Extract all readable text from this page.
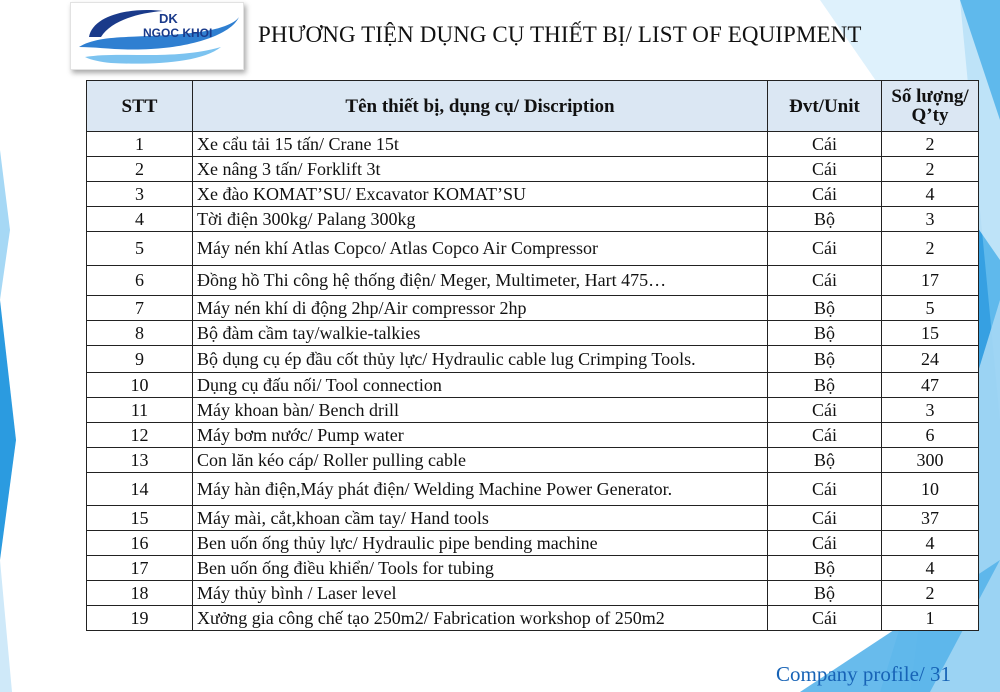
DK
NGOC KHOI PHƯƠNG TIỆN DỤNG CỤ THIẾT BỊ/ LIST OF EQUIPMENT
STT	Tên thiết bị, dụng cụ/ Discription	Đvt/Unit	Số lượng/
Q’ty

1	Xe cẩu tải 15 tấn/ Crane 15t	Cái	2
2	Xe nâng 3 tấn/ Forklift 3t	Cái	2
3	Xe đào KOMAT’SU/ Excavator KOMAT’SU	Cái	4
4	Tời điện 300kg/ Palang 300kg	Bộ	3
5	Máy nén khí Atlas Copco/ Atlas Copco Air Compressor	Cái	2
6	Đồng hồ Thi công hệ thống điện/ Meger, Multimeter, Hart 475…	Cái	17
7	Máy nén khí di động 2hp/Air compressor 2hp	Bộ	5
8	Bộ đàm cầm tay/walkie-talkies	Bộ	15
9	Bộ dụng cụ ép đầu cốt thủy lực/ Hydraulic cable lug Crimping Tools.	Bộ	24
10	Dụng cụ đấu nối/ Tool connection	Bộ	47
11	Máy khoan bàn/ Bench drill	Cái	3
12	Máy bơm nước/ Pump water	Cái	6
13	Con lăn kéo cáp/ Roller pulling cable	Bộ	300
14	Máy hàn điện,Máy phát điện/ Welding Machine Power Generator.	Cái	10
15	Máy mài, cắt,khoan cầm tay/ Hand tools	Cái	37
16	Ben uốn ống thủy lực/ Hydraulic pipe bending machine	Cái	4
17	Ben uốn ống điều khiển/ Tools for tubing	Bộ	4
18	Máy thủy bình / Laser level	Bộ	2
19	Xưởng gia công chế tạo 250m2/ Fabrication workshop of 250m2	Cái	1
Company profile/ 31
